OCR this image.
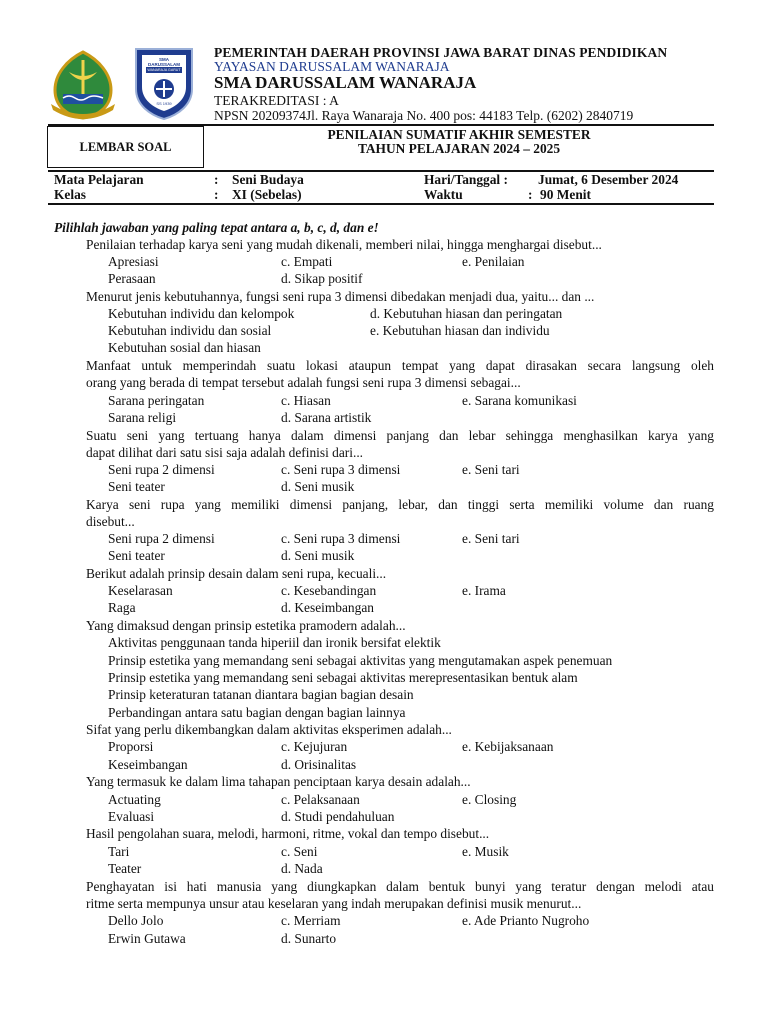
SMA DARUSSALAM
WANARAJA GARUT
SS 1939
PEMERINTAH DAERAH PROVINSI JAWA BARAT DINAS PENDIDIKAN
YAYASAN DARUSSALAM WANARAJA
SMA DARUSSALAM WANARAJA
TERAKREDITASI : A
NPSN 20209374Jl. Raya Wanaraja No. 400 pos: 44183 Telp. (6202) 2840719
LEMBAR SOAL
PENILAIAN SUMATIF AKHIR SEMESTER
TAHUN PELAJARAN 2024 – 2025
Mata Pelajaran	: Seni Budaya	Hari/Tanggal : Jumat, 6 Desember 2024
Kelas	: XI (Sebelas)	Waktu	: 90 Menit
Pilihlah jawaban yang paling tepat antara a, b, c, d, dan e!
Penilaian terhadap karya seni yang mudah dikenali, memberi nilai, hingga menghargai disebut...
Apresiasi	c. Empati	e. Penilaian
Perasaan	d. Sikap positif
Menurut jenis kebutuhannya, fungsi seni rupa 3 dimensi dibedakan menjadi dua, yaitu... dan ...
Kebutuhan individu dan kelompok	d. Kebutuhan hiasan dan peringatan
Kebutuhan individu dan sosial	e. Kebutuhan hiasan dan individu
Kebutuhan sosial dan hiasan
Manfaat untuk memperindah suatu lokasi ataupun tempat yang dapat dirasakan secara langsung oleh
orang yang berada di tempat tersebut adalah fungsi seni rupa 3 dimensi sebagai...
Sarana peringatan	c. Hiasan	e. Sarana komunikasi
Sarana religi	d. Sarana artistik
Suatu seni yang tertuang hanya dalam dimensi panjang dan lebar sehingga menghasilkan karya yang
dapat dilihat dari satu sisi saja adalah definisi dari...
Seni rupa 2 dimensi	c. Seni rupa 3 dimensi	e. Seni tari
Seni teater	d. Seni musik
Karya seni rupa yang memiliki dimensi panjang, lebar, dan tinggi serta memiliki volume dan ruang
disebut...
Seni rupa 2 dimensi	c. Seni rupa 3 dimensi	e. Seni tari
Seni teater	d. Seni musik
Berikut adalah prinsip desain dalam seni rupa, kecuali...
Keselarasan	c. Kesebandingan	e. Irama
Raga	d. Keseimbangan
Yang dimaksud dengan prinsip estetika pramodern adalah...
Aktivitas penggunaan tanda hiperiil dan ironik bersifat elektik
Prinsip estetika yang memandang seni sebagai aktivitas yang mengutamakan aspek penemuan
Prinsip estetika yang memandang seni sebagai aktivitas merepresentasikan bentuk alam
Prinsip keteraturan tatanan diantara bagian bagian desain
Perbandingan antara satu bagian dengan bagian lainnya
Sifat yang perlu dikembangkan dalam aktivitas eksperimen adalah...
Proporsi	c. Kejujuran	e. Kebijaksanaan
Keseimbangan	d. Orisinalitas
Yang termasuk ke dalam lima tahapan penciptaan karya desain adalah...
Actuating	c. Pelaksanaan	e. Closing
Evaluasi	d. Studi pendahuluan
Hasil pengolahan suara, melodi, harmoni, ritme, vokal dan tempo disebut...
Tari	c. Seni	e. Musik
Teater	d. Nada
Penghayatan isi hati manusia yang diungkapkan dalam bentuk bunyi yang teratur dengan melodi atau
ritme serta mempunya unsur atau keselaran yang indah merupakan definisi musik menurut...
Dello Jolo	c. Merriam	e. Ade Prianto Nugroho
Erwin Gutawa	d. Sunarto
